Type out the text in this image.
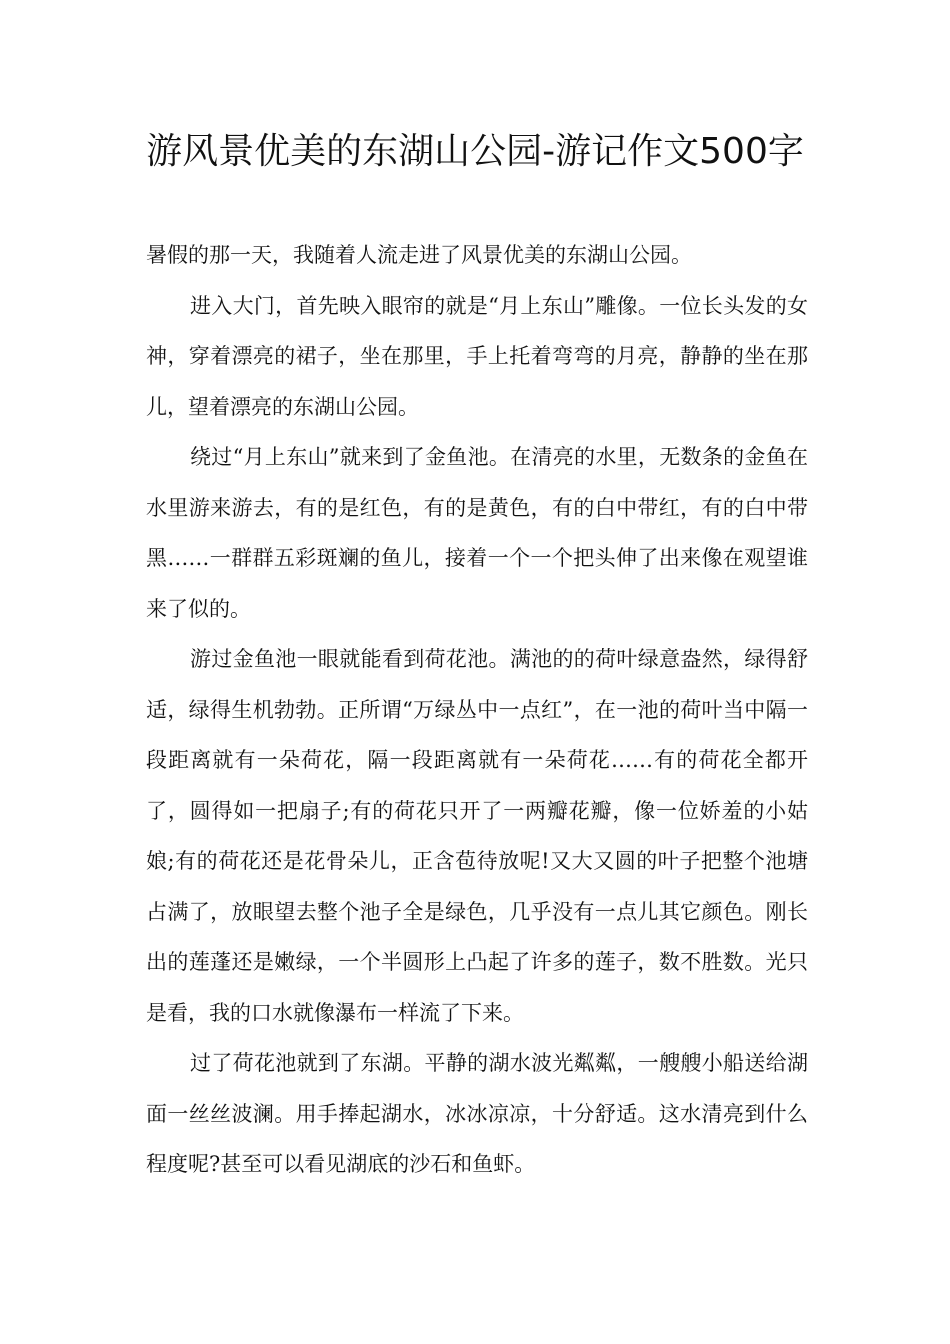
游风景优美的东湖山公园-游记作文500字

暑假的那一天，我随着人流走进了风景优美的东湖山公园。

进入大门，首先映入眼帘的就是“月上东山”雕像。一位长头发的女神，穿着漂亮的裙子，坐在那里，手上托着弯弯的月亮，静静的坐在那儿，望着漂亮的东湖山公园。

绕过“月上东山”就来到了金鱼池。在清亮的水里，无数条的金鱼在水里游来游去，有的是红色，有的是黄色，有的白中带红，有的白中带黑……一群群五彩斑斓的鱼儿，接着一个一个把头伸了出来像在观望谁来了似的。

游过金鱼池一眼就能看到荷花池。满池的的荷叶绿意盎然，绿得舒适，绿得生机勃勃。正所谓“万绿丛中一点红”，在一池的荷叶当中隔一段距离就有一朵荷花，隔一段距离就有一朵荷花……有的荷花全都开了，圆得如一把扇子;有的荷花只开了一两瓣花瓣，像一位娇羞的小姑娘;有的荷花还是花骨朵儿，正含苞待放呢!又大又圆的叶子把整个池塘占满了，放眼望去整个池子全是绿色，几乎没有一点儿其它颜色。刚长出的莲蓬还是嫩绿，一个半圆形上凸起了许多的莲子，数不胜数。光只是看，我的口水就像瀑布一样流了下来。

过了荷花池就到了东湖。平静的湖水波光粼粼，一艘艘小船送给湖面一丝丝波澜。用手捧起湖水，冰冰凉凉，十分舒适。这水清亮到什么程度呢?甚至可以看见湖底的沙石和鱼虾。
